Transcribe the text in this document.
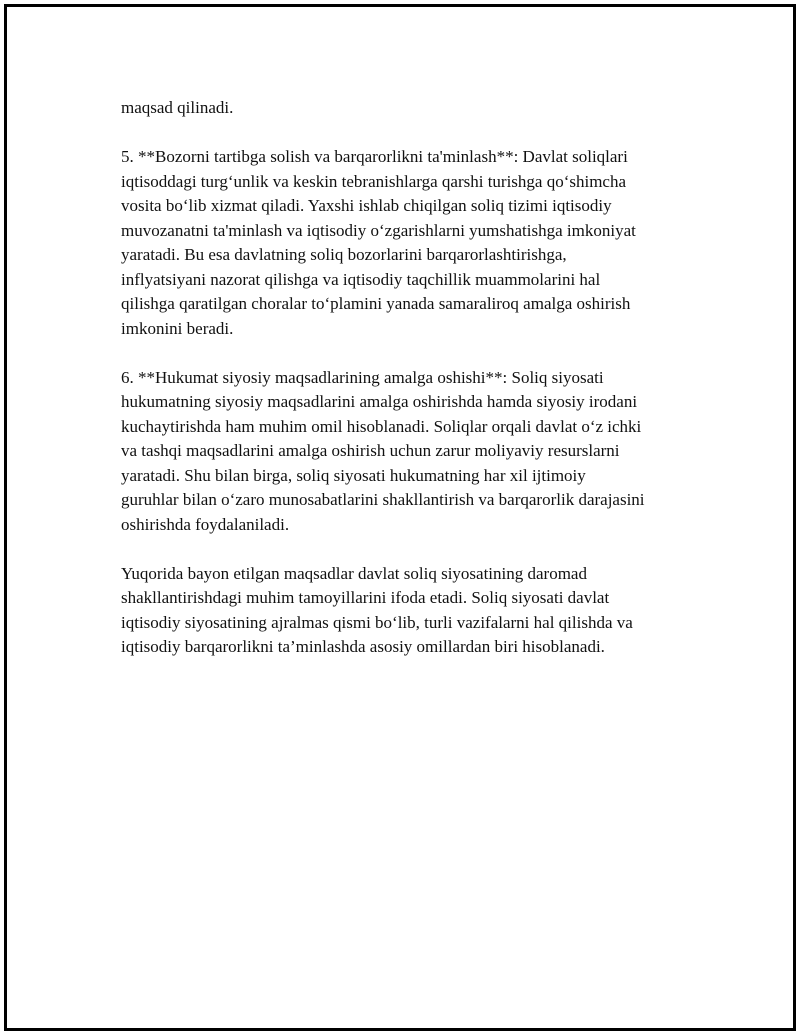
maqsad qilinadi.

5. **Bozorni tartibga solish va barqarorlikni ta'minlash**: Davlat soliqlari
iqtisoddagi turg‘unlik va keskin tebranishlarga qarshi turishga qo‘shimcha
vosita bo‘lib xizmat qiladi. Yaxshi ishlab chiqilgan soliq tizimi iqtisodiy
muvozanatni ta'minlash va iqtisodiy o‘zgarishlarni yumshatishga imkoniyat
yaratadi. Bu esa davlatning soliq bozorlarini barqarorlashtirishga,
inflyatsiyani nazorat qilishga va iqtisodiy taqchillik muammolarini hal
qilishga qaratilgan choralar to‘plamini yanada samaraliroq amalga oshirish
imkonini beradi.

6. **Hukumat siyosiy maqsadlarining amalga oshishi**: Soliq siyosati
hukumatning siyosiy maqsadlarini amalga oshirishda hamda siyosiy irodani
kuchaytirishda ham muhim omil hisoblanadi. Soliqlar orqali davlat o‘z ichki
va tashqi maqsadlarini amalga oshirish uchun zarur moliyaviy resurslarni
yaratadi. Shu bilan birga, soliq siyosati hukumatning har xil ijtimoiy
guruhlar bilan o‘zaro munosabatlarini shakllantirish va barqarorlik darajasini
oshirishda foydalaniladi.

Yuqorida bayon etilgan maqsadlar davlat soliq siyosatining daromad
shakllantirishdagi muhim tamoyillarini ifoda etadi. Soliq siyosati davlat
iqtisodiy siyosatining ajralmas qismi bo‘lib, turli vazifalarni hal qilishda va
iqtisodiy barqarorlikni ta’minlashda asosiy omillardan biri hisoblanadi.
